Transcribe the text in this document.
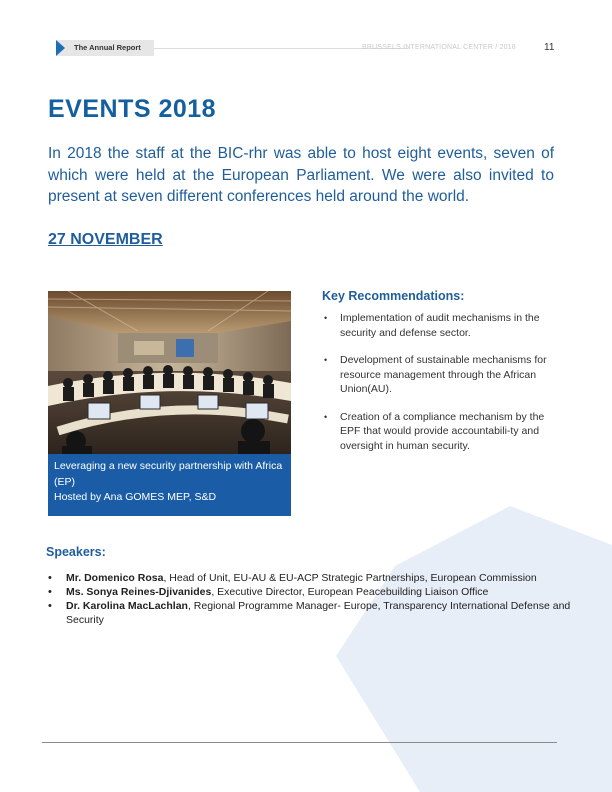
The Annual Report	BRUSSELS INTERNATIONAL CENTER / 2018	11
EVENTS 2018

In 2018 the staff at the BIC-rhr was able to host eight events, seven of which were held at the European Parliament. We were also invited to present at seven different conferences held around the world.

27 NOVEMBER
Leveraging a new security partnership with Africa (EP)
Hosted by Ana GOMES MEP, S&D
Key Recommendations:
• Implementation of audit mechanisms in the security and defense sector.
• Development of sustainable mechanisms for resource management through the African Union(AU).
• Creation of a compliance mechanism by the EPF that would provide accountabili-ty and oversight in human security.
Speakers:
• Mr. Domenico Rosa, Head of Unit, EU-AU & EU-ACP Strategic Partnerships, European Commission
• Ms. Sonya Reines-Djivanides, Executive Director, European Peacebuilding Liaison Office
• Dr. Karolina MacLachlan, Regional Programme Manager- Europe, Transparency International Defense and Security
